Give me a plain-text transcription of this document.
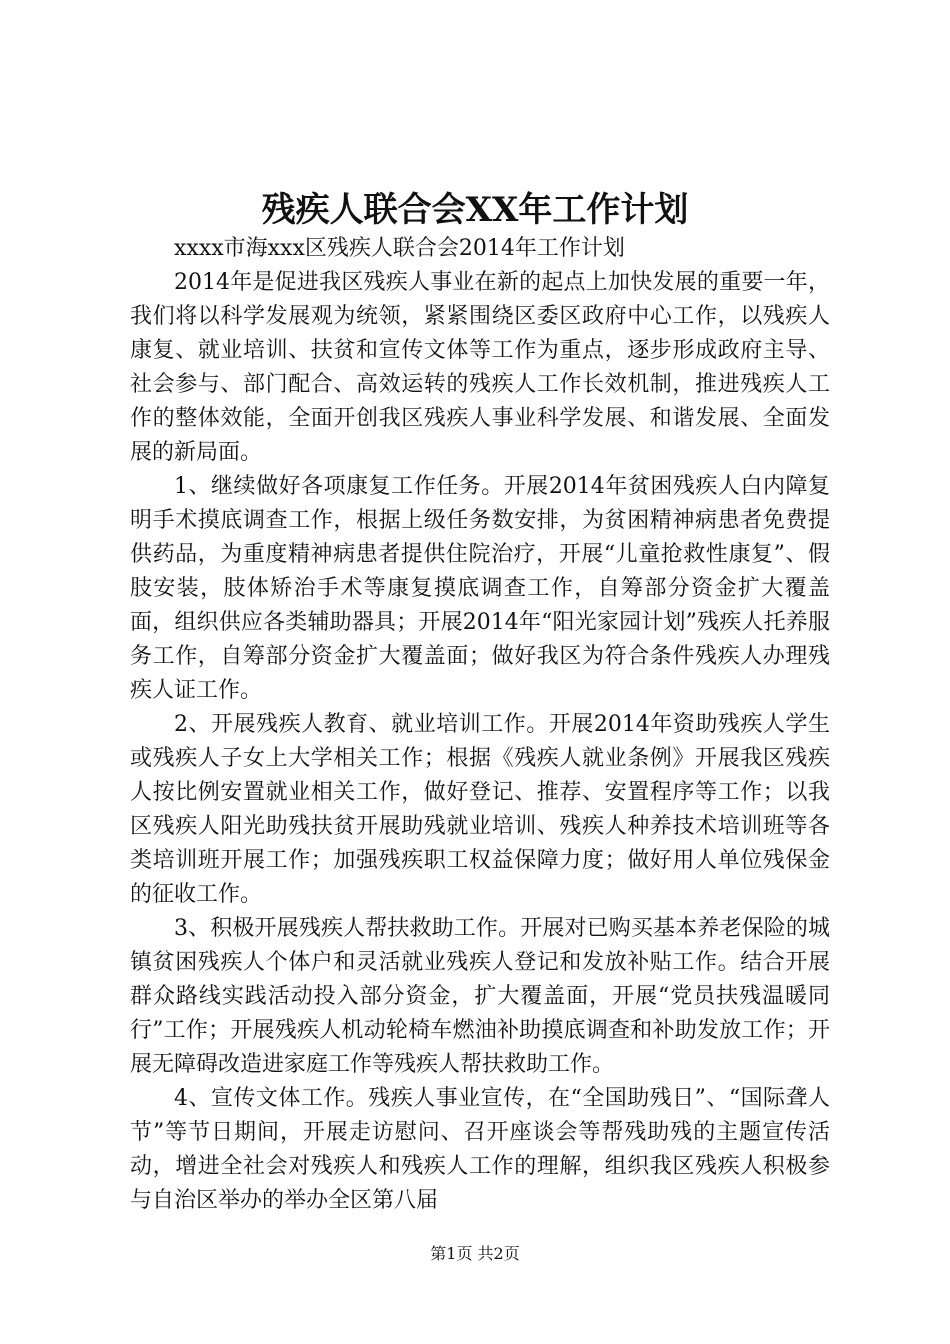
残疾人联合会XX年工作计划

xxxx市海xxx区残疾人联合会2014年工作计划

2014年是促进我区残疾人事业在新的起点上加快发展的重要一年，我们将以科学发展观为统领，紧紧围绕区委区政府中心工作，以残疾人康复、就业培训、扶贫和宣传文体等工作为重点，逐步形成政府主导、社会参与、部门配合、高效运转的残疾人工作长效机制，推进残疾人工作的整体效能，全面开创我区残疾人事业科学发展、和谐发展、全面发展的新局面。

1、继续做好各项康复工作任务。开展2014年贫困残疾人白内障复明手术摸底调查工作，根据上级任务数安排，为贫困精神病患者免费提供药品，为重度精神病患者提供住院治疗，开展“儿童抢救性康复”、假肢安装，肢体矫治手术等康复摸底调查工作，自筹部分资金扩大覆盖面，组织供应各类辅助器具；开展2014年“阳光家园计划”残疾人托养服务工作，自筹部分资金扩大覆盖面；做好我区为符合条件残疾人办理残疾人证工作。

2、开展残疾人教育、就业培训工作。开展2014年资助残疾人学生或残疾人子女上大学相关工作；根据《残疾人就业条例》开展我区残疾人按比例安置就业相关工作，做好登记、推荐、安置程序等工作；以我区残疾人阳光助残扶贫开展助残就业培训、残疾人种养技术培训班等各类培训班开展工作；加强残疾职工权益保障力度；做好用人单位残保金的征收工作。

3、积极开展残疾人帮扶救助工作。开展对已购买基本养老保险的城镇贫困残疾人个体户和灵活就业残疾人登记和发放补贴工作。结合开展群众路线实践活动投入部分资金，扩大覆盖面，开展“党员扶残温暖同行”工作；开展残疾人机动轮椅车燃油补助摸底调查和补助发放工作；开展无障碍改造进家庭工作等残疾人帮扶救助工作。

4、宣传文体工作。残疾人事业宣传，在“全国助残日”、“国际聋人节”等节日期间，开展走访慰问、召开座谈会等帮残助残的主题宣传活动，增进全社会对残疾人和残疾人工作的理解，组织我区残疾人积极参与自治区举办的举办全区第八届

第1页 共2页
